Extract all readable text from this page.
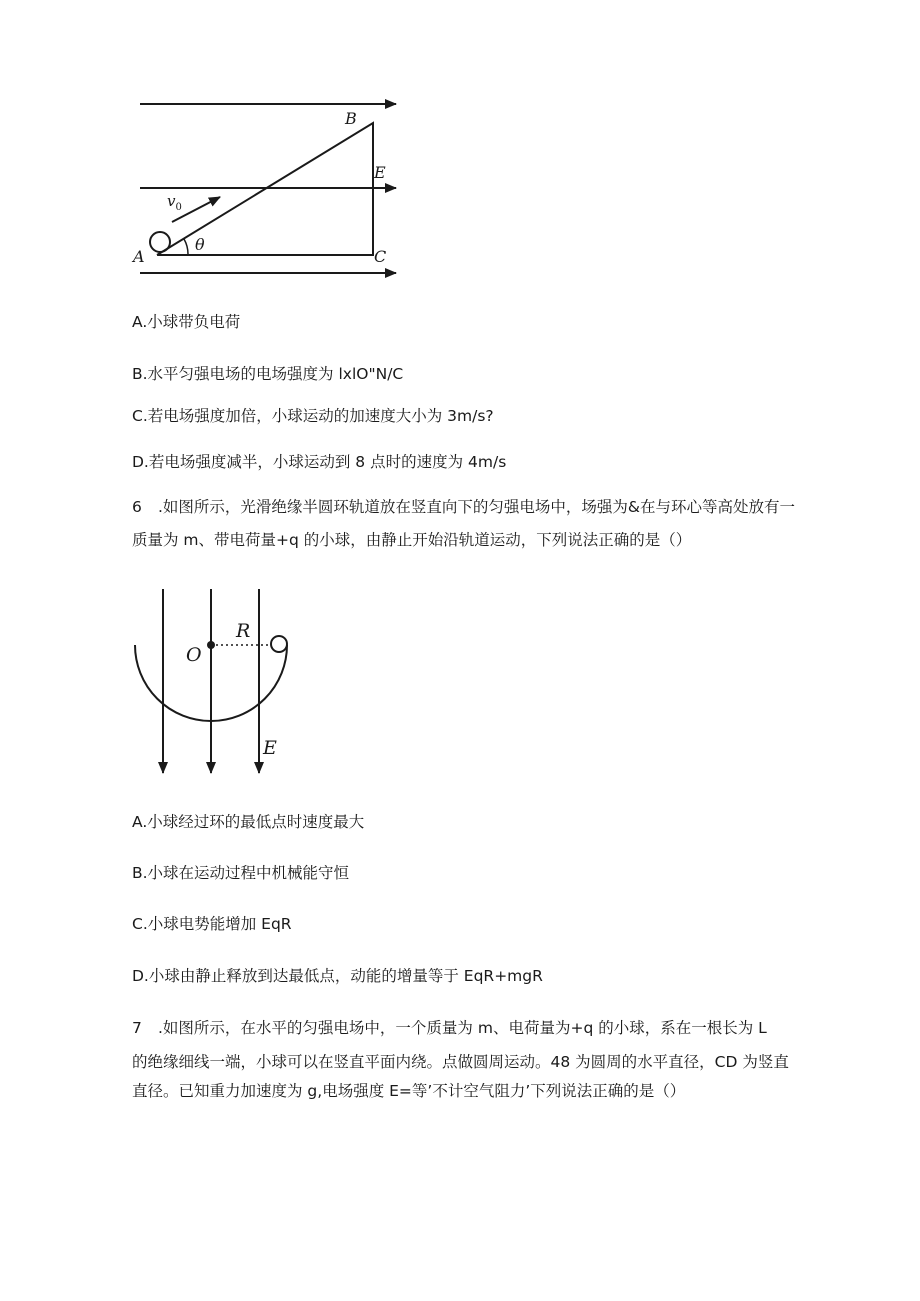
$v_0$
θ
A
B
C
E

A.小球带负电荷

B.水平匀强电场的电场强度为 lxlO"N/C

C.若电场强度加倍，小球运动的加速度大小为 3m/s?

D.若电场强度减半，小球运动到 8 点时的速度为 4m/s

6 .如图所示，光滑绝缘半圆环轨道放在竖直向下的匀强电场中，场强为&在与环心等高处放有一

质量为 m、带电荷量+q 的小球，由静止开始沿轨道运动，下列说法正确的是（）

O
R
E

A.小球经过环的最低点时速度最大

B.小球在运动过程中机械能守恒

C.小球电势能增加 EqR

D.小球由静止释放到达最低点，动能的增量等于 EqR+mgR

7 .如图所示，在水平的匀强电场中，一个质量为 m、电荷量为+q 的小球，系在一根长为 L

的绝缘细线一端，小球可以在竖直平面内绕。点做圆周运动。48 为圆周的水平直径，CD 为竖直

直径。已知重力加速度为 g,电场强度 E=等’不计空气阻力’下列说法正确的是（）
